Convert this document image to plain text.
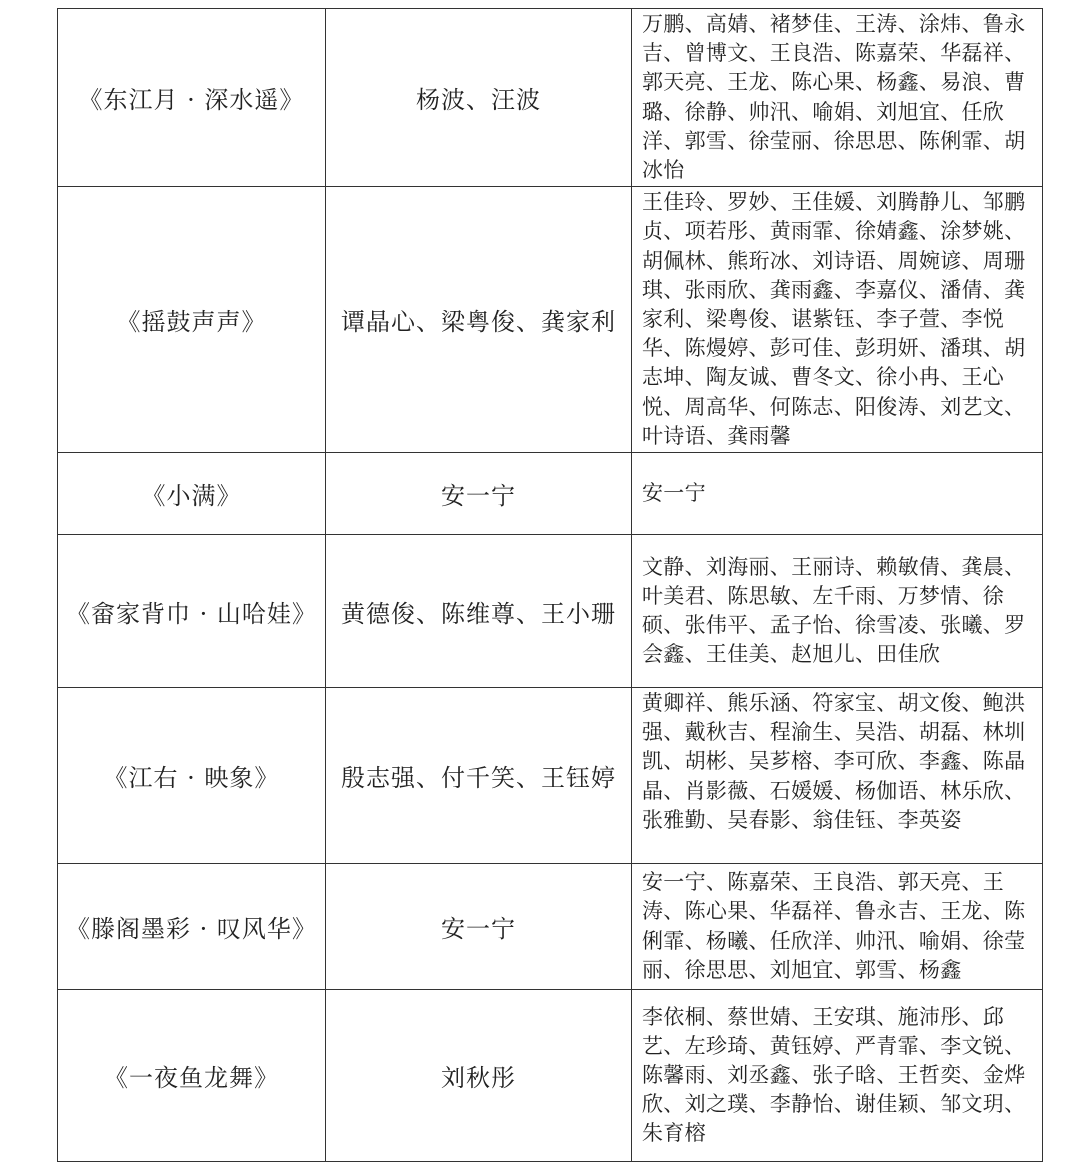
《东江月 · 深水遥》	杨波、汪波	万鹏、高婧、褚梦佳、王涛、涂炜、鲁永吉、曾博文、王良浩、陈嘉荣、华磊祥、郭天亮、王龙、陈心果、杨鑫、易浪、曹璐、徐静、帅汛、喻娟、刘旭宜、任欣洋、郭雪、徐莹丽、徐思思、陈俐霏、胡冰怡
《摇鼓声声》	谭晶心、梁粤俊、龚家利	王佳玲、罗妙、王佳媛、刘腾静儿、邹鹏贞、项若彤、黄雨霏、徐婧鑫、涂梦姚、胡佩林、熊珩冰、刘诗语、周婉谚、周珊琪、张雨欣、龚雨鑫、李嘉仪、潘倩、龚家利、梁粤俊、谌紫钰、李子萱、李悦华、陈熳婷、彭可佳、彭玥妍、潘琪、胡志坤、陶友诚、曹冬文、徐小冉、王心悦、周高华、何陈志、阳俊涛、刘艺文、叶诗语、龚雨馨
《小满》	安一宁	安一宁
《畲家背巾 · 山哈娃》	黄德俊、陈维尊、王小珊	文静、刘海丽、王丽诗、赖敏倩、龚晨、叶美君、陈思敏、左千雨、万梦情、徐硕、张伟平、孟子怡、徐雪凌、张曦、罗会鑫、王佳美、赵旭儿、田佳欣
《江右 · 映象》	殷志强、付千笑、王钰婷	黄卿祥、熊乐涵、符家宝、胡文俊、鲍洪强、戴秋吉、程渝生、吴浩、胡磊、林圳凯、胡彬、吴芗榕、李可欣、李鑫、陈晶晶、肖影薇、石媛媛、杨伽语、林乐欣、张雅勤、吴春影、翁佳钰、李英姿
《滕阁墨彩 · 叹风华》	安一宁	安一宁、陈嘉荣、王良浩、郭天亮、王涛、陈心果、华磊祥、鲁永吉、王龙、陈俐霏、杨曦、任欣洋、帅汛、喻娟、徐莹丽、徐思思、刘旭宜、郭雪、杨鑫
《一夜鱼龙舞》	刘秋彤	李依桐、蔡世婧、王安琪、施沛彤、邱艺、左珍琦、黄钰婷、严青霏、李文锐、陈馨雨、刘丞鑫、张子晗、王哲奕、金烨欣、刘之璞、李静怡、谢佳颖、邹文玥、朱育榕
